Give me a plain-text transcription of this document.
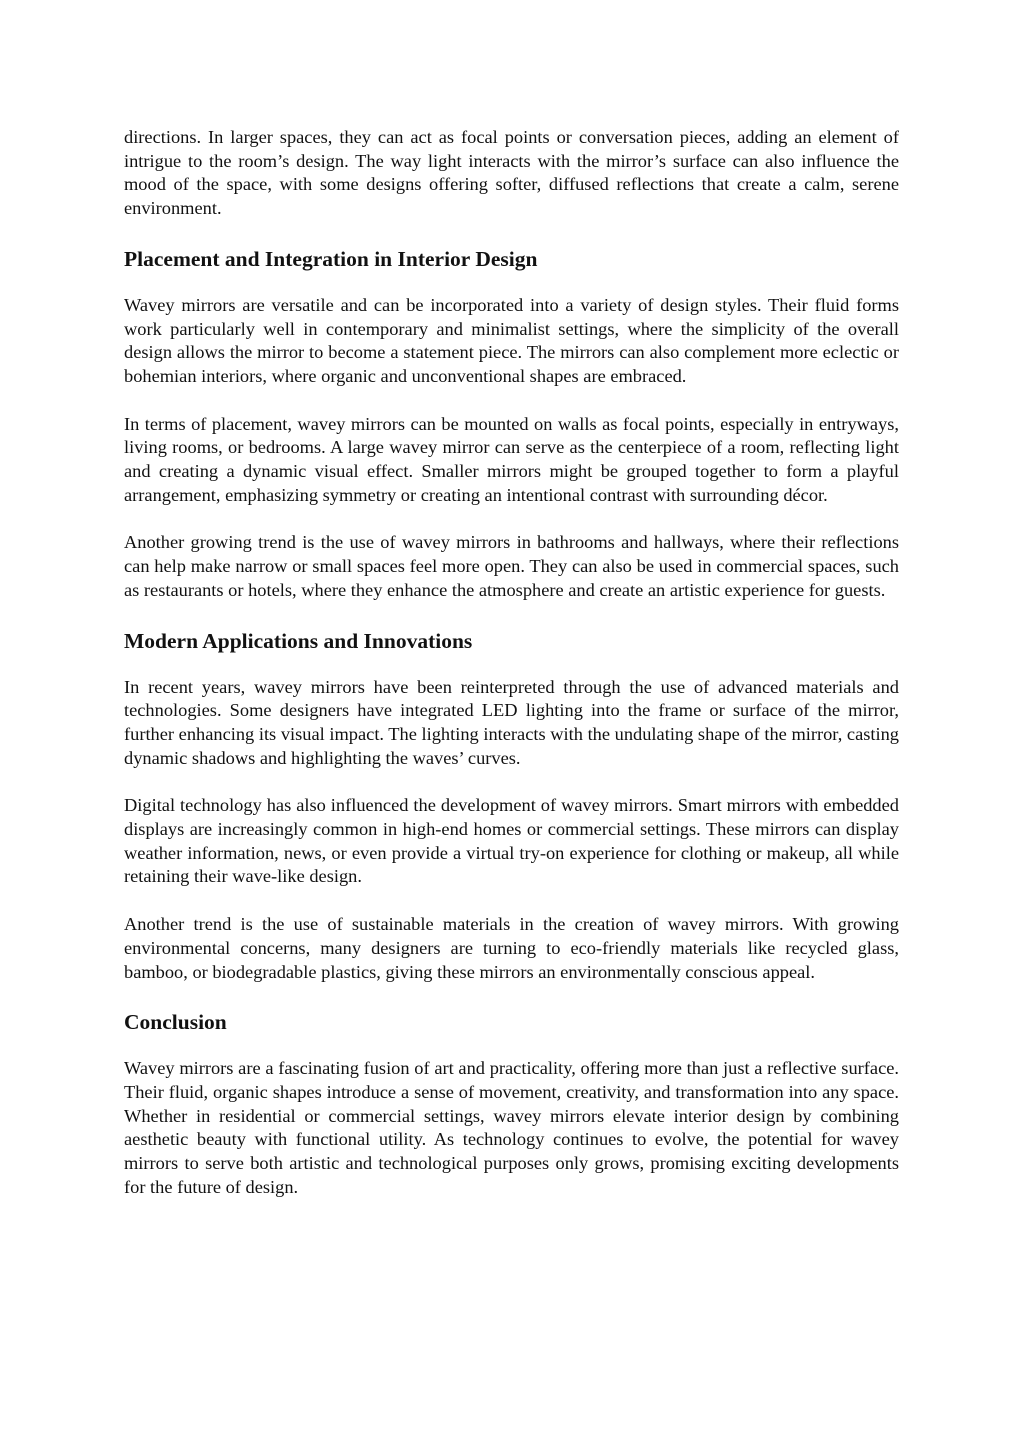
directions. In larger spaces, they can act as focal points or conversation pieces, adding an element of intrigue to the room’s design. The way light interacts with the mirror’s surface can also influence the mood of the space, with some designs offering softer, diffused reflections that create a calm, serene environment.

Placement and Integration in Interior Design

Wavey mirrors are versatile and can be incorporated into a variety of design styles. Their fluid forms work particularly well in contemporary and minimalist settings, where the simplicity of the overall design allows the mirror to become a statement piece. The mirrors can also complement more eclectic or bohemian interiors, where organic and unconventional shapes are embraced.

In terms of placement, wavey mirrors can be mounted on walls as focal points, especially in entryways, living rooms, or bedrooms. A large wavey mirror can serve as the centerpiece of a room, reflecting light and creating a dynamic visual effect. Smaller mirrors might be grouped together to form a playful arrangement, emphasizing symmetry or creating an intentional contrast with surrounding décor.

Another growing trend is the use of wavey mirrors in bathrooms and hallways, where their reflections can help make narrow or small spaces feel more open. They can also be used in commercial spaces, such as restaurants or hotels, where they enhance the atmosphere and create an artistic experience for guests.

Modern Applications and Innovations

In recent years, wavey mirrors have been reinterpreted through the use of advanced materials and technologies. Some designers have integrated LED lighting into the frame or surface of the mirror, further enhancing its visual impact. The lighting interacts with the undulating shape of the mirror, casting dynamic shadows and highlighting the waves’ curves.

Digital technology has also influenced the development of wavey mirrors. Smart mirrors with embedded displays are increasingly common in high-end homes or commercial settings. These mirrors can display weather information, news, or even provide a virtual try-on experience for clothing or makeup, all while retaining their wave-like design.

Another trend is the use of sustainable materials in the creation of wavey mirrors. With growing environmental concerns, many designers are turning to eco-friendly materials like recycled glass, bamboo, or biodegradable plastics, giving these mirrors an environmentally conscious appeal.

Conclusion

Wavey mirrors are a fascinating fusion of art and practicality, offering more than just a reflective surface. Their fluid, organic shapes introduce a sense of movement, creativity, and transformation into any space. Whether in residential or commercial settings, wavey mirrors elevate interior design by combining aesthetic beauty with functional utility. As technology continues to evolve, the potential for wavey mirrors to serve both artistic and technological purposes only grows, promising exciting developments for the future of design.
